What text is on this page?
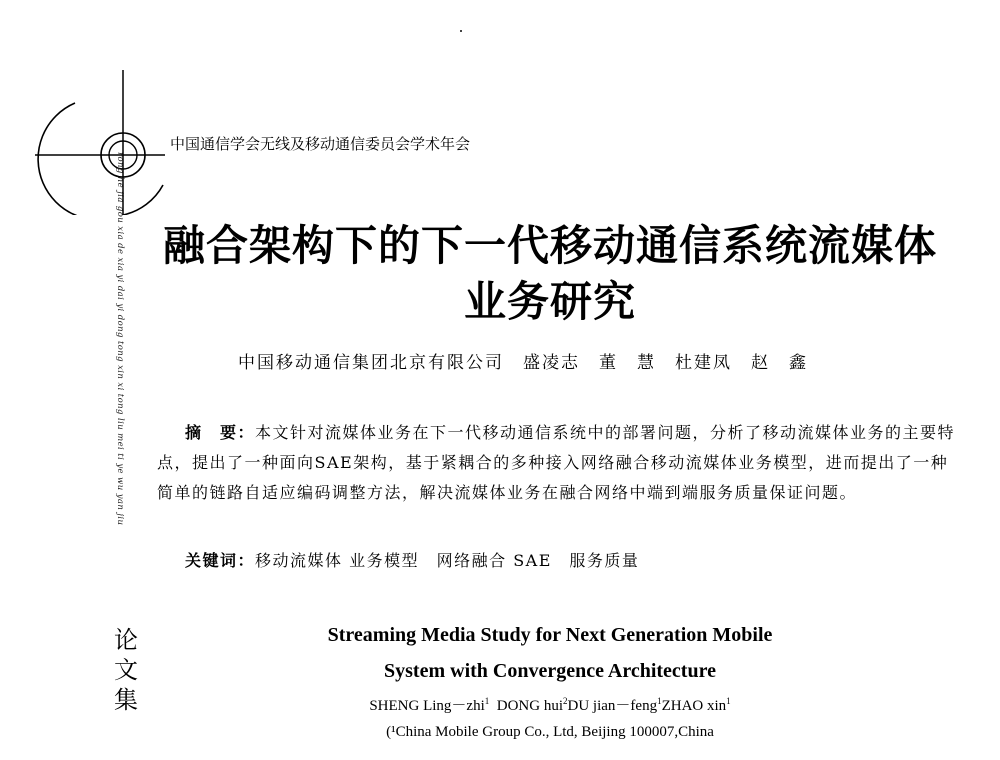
中国通信学会无线及移动通信委员会学术年会
rong he jia gou xia de xia yi dai yi dong tong xin xi tong liu mei ti ye wu yan jiu 融合架构下的下一代移动通信系统流媒体
业务研究
中国移动通信集团北京有限公司　盛凌志　董　慧　杜建凤　赵　鑫
摘　要：本文针对流媒体业务在下一代移动通信系统中的部署问题，分析了移动流媒体业务的主要特点，提出了一种面向SAE架构，基于紧耦合的多种接入网络融合移动流媒体业务模型，进而提出了一种简单的链路自适应编码调整方法，解决流媒体业务在融合网络中端到端服务质量保证问题。
关键词：移动流媒体 业务模型　网络融合 SAE　服务质量
论
文
集
Streaming Media Study for Next Generation Mobile
System with Convergence Architecture
SHENG Ling－zhi$^1$ DONG hui$^2$DU jian－feng$^1$ZHAO xin$^1$
(¹China Mobile Group Co., Ltd, Beijing 100007,China
